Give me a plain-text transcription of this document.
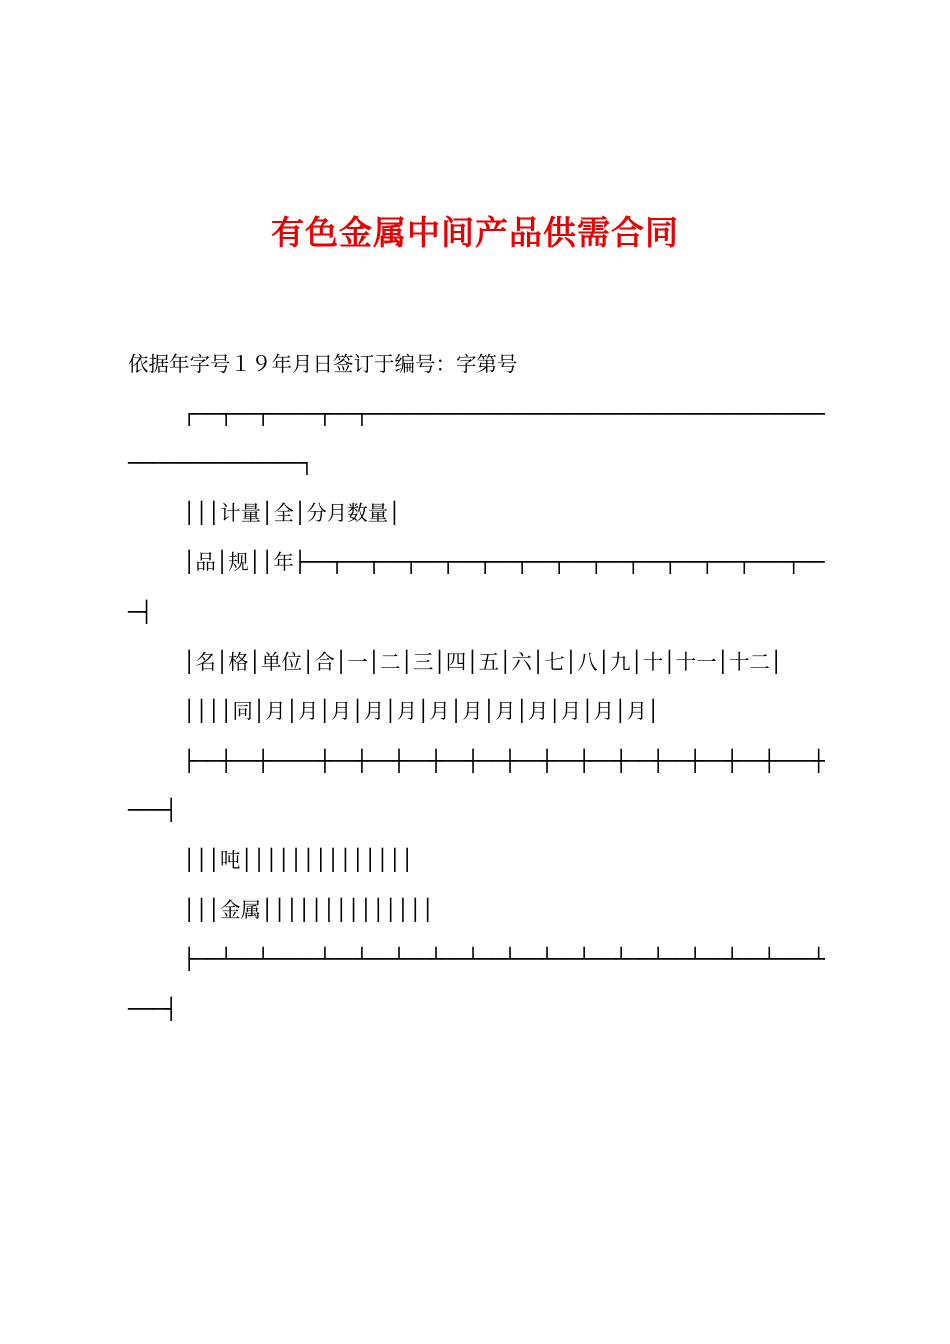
有色金属中间产品供需合同

依据年字号１９年月日签订于编号：字第号

┌──┬──┬────┬──┬───────────────────────────────────────────────────┐

│││计量│全│分月数量│

│品│规││年├──┬──┬──┬──┬──┬──┬──┬──┬──┬──┬──┬──┬───┬───┤

│名│格│单位│合│一│二│三│四│五│六│七│八│九│十│十一│十二│

││││同│月│月│月│月│月│月│月│月│月│月│月│月│

├──┼──┼────┼──┼──┼──┼──┼──┼──┼──┼──┼──┼──┼──┼──┼───┼───┤

│││吨││││││││││││││

│││金属││││││││││││││

├──┴──┴────┴──┴──┴──┴──┴──┴──┴──┴──┴──┴──┴──┴──┴───┴───┤
